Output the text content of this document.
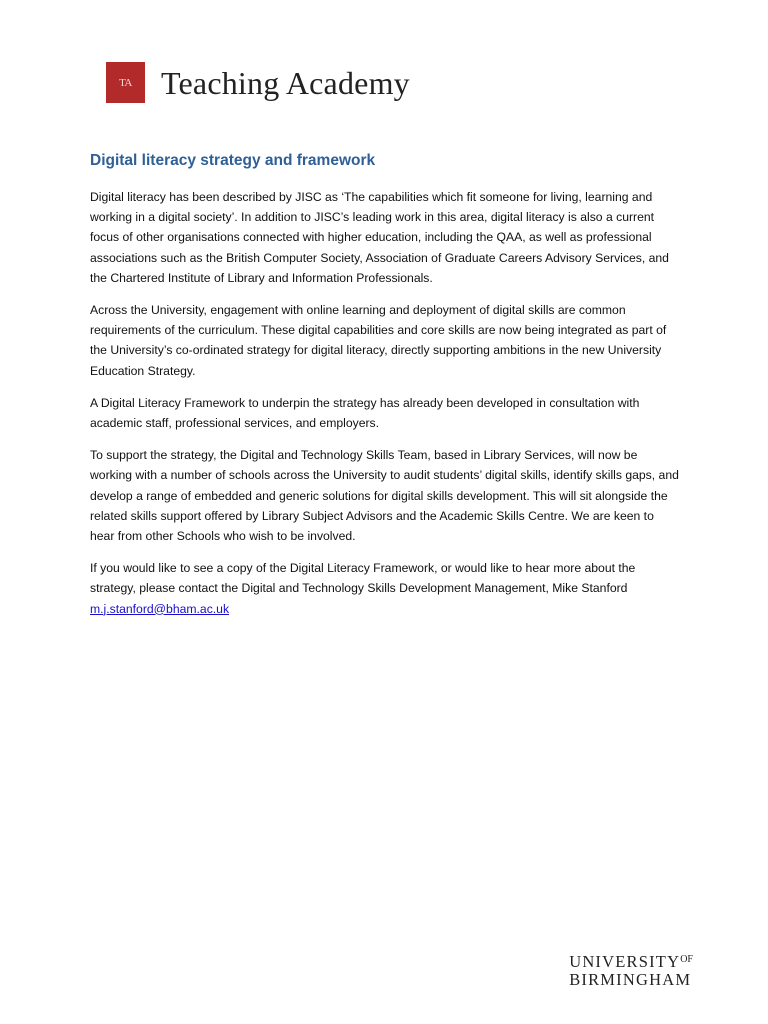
TA Teaching Academy
Digital literacy strategy and framework

Digital literacy has been described by JISC as ‘The capabilities which fit someone for living, learning and working in a digital society’. In addition to JISC’s leading work in this area, digital literacy is also a current focus of other organisations connected with higher education, including the QAA, as well as professional associations such as the British Computer Society, Association of Graduate Careers Advisory Services, and the Chartered Institute of Library and Information Professionals.

Across the University, engagement with online learning and deployment of digital skills are common requirements of the curriculum. These digital capabilities and core skills are now being integrated as part of the University’s co-ordinated strategy for digital literacy, directly supporting ambitions in the new University Education Strategy.

A Digital Literacy Framework to underpin the strategy has already been developed in consultation with academic staff, professional services, and employers.

To support the strategy, the Digital and Technology Skills Team, based in Library Services, will now be working with a number of schools across the University to audit students’ digital skills, identify skills gaps, and develop a range of embedded and generic solutions for digital skills development. This will sit alongside the related skills support offered by Library Subject Advisors and the Academic Skills Centre. We are keen to hear from other Schools who wish to be involved.

If you would like to see a copy of the Digital Literacy Framework, or would like to hear more about the strategy, please contact the Digital and Technology Skills Development Management, Mike Stanford
m.j.stanford@bham.ac.uk

UNIVERSITY$^{OF}$
BIRMINGHAM
